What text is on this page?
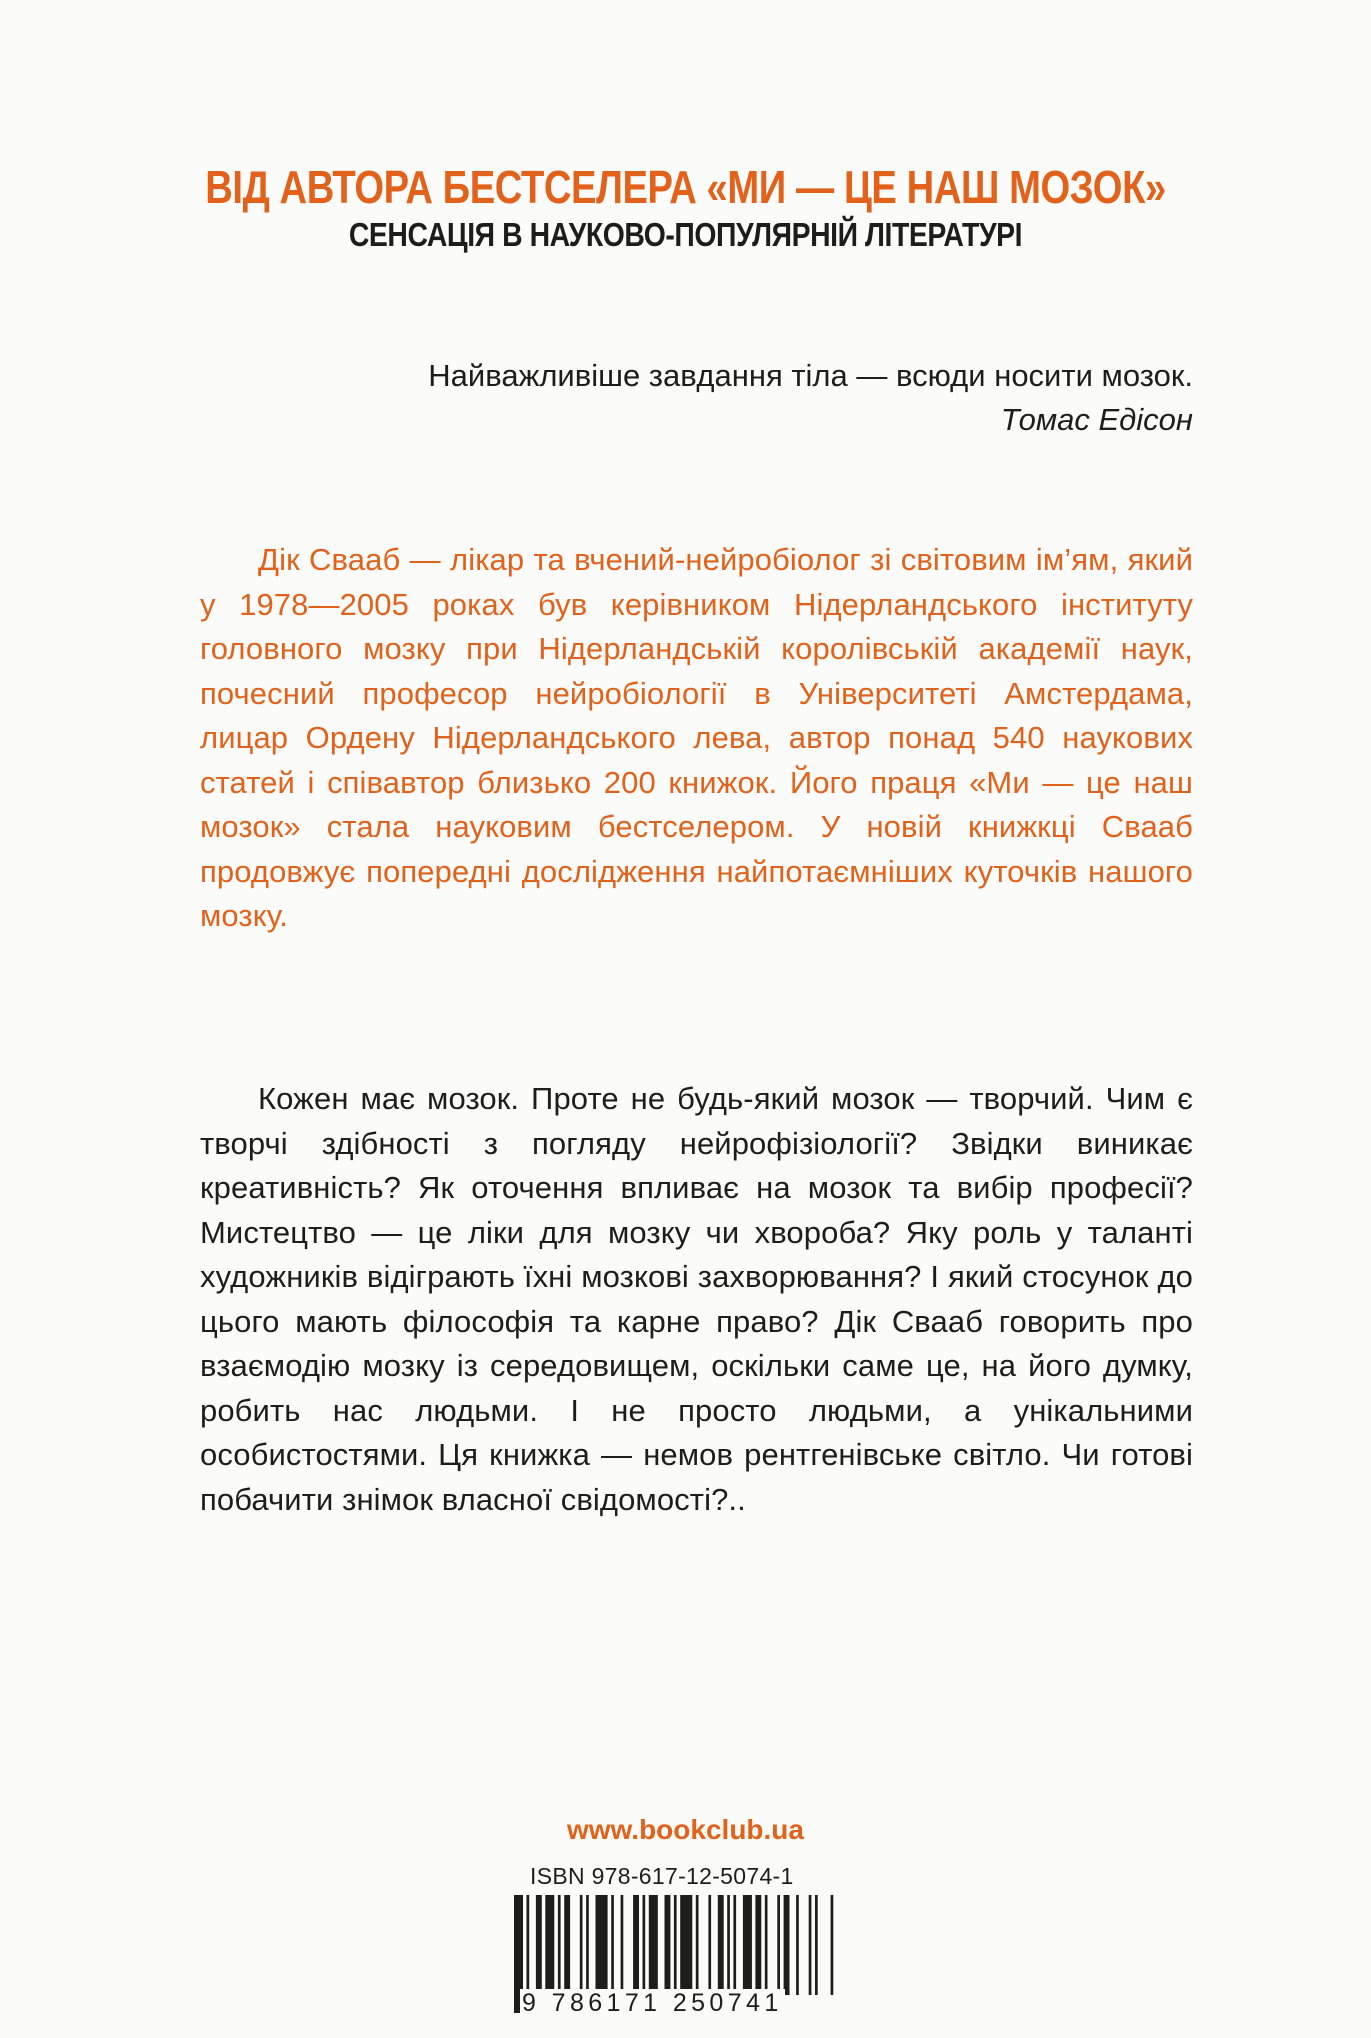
ВІД АВТОРА БЕСТСЕЛЕРА «МИ — ЦЕ НАШ МОЗОК»
СЕНСАЦІЯ В НАУКОВО-ПОПУЛЯРНІЙ ЛІТЕРАТУРІ
Найважливіше завдання тіла — всюди носити мозок.
Томас Едісон
Дік Свааб — лікар та вчений-нейробіолог зі світовим ім’ям, який у 1978—2005 роках був керівником Нідерландського інституту головного мозку при Нідерландській королівській академії наук, почесний професор нейробіології в Університеті Амстердама, лицар Ордену Нідерландського лева, автор понад 540 наукових статей і співавтор близько 200 книжок. Його праця «Ми — це наш мозок» стала науковим бестселером. У новій книжкці Свааб продовжує попередні дослідження найпотаємніших куточків нашого мозку.
Кожен має мозок. Проте не будь-який мозок — творчий. Чим є творчі здібності з погляду нейрофізіології? Звідки виникає креативність? Як оточення впливає на мозок та вибір професії? Мистецтво — це ліки для мозку чи хвороба? Яку роль у таланті художників відіграють їхні мозкові захворювання? І який стосунок до цього мають філософія та карне право? Дік Свааб говорить про взаємодію мозку із середовищем, оскільки саме це, на його думку, робить нас людьми. І не просто людьми, а унікальними особистостями. Ця книжка — немов рентгенівське світло. Чи готові побачити знімок власної свідомості?..
www.bookclub.ua
ISBN 978-617-12-5074-1
9 786171 250741
